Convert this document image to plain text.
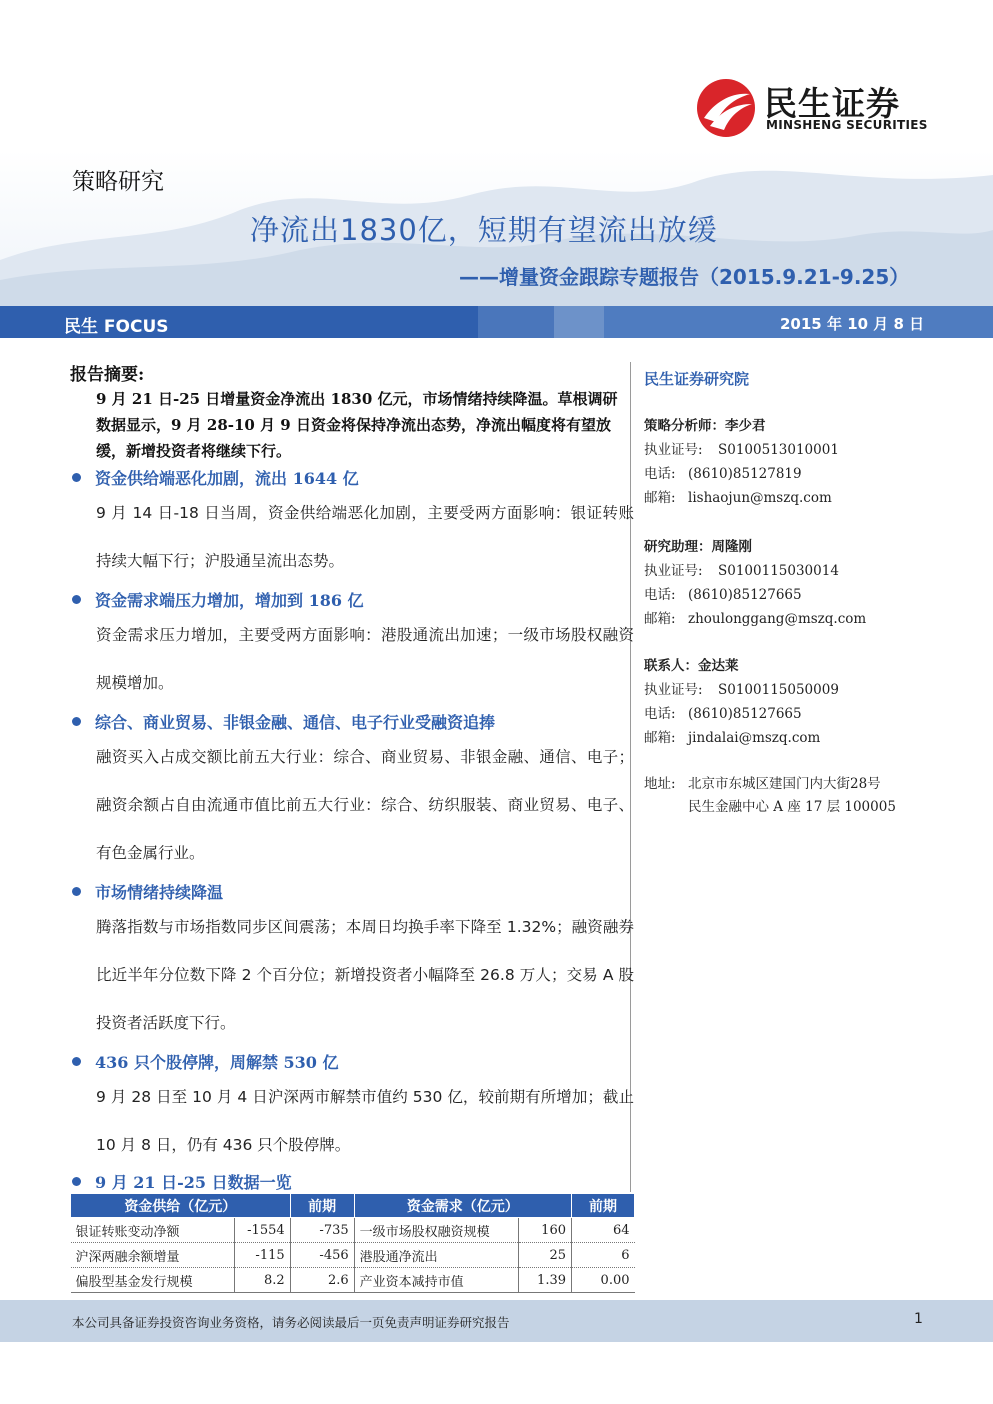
民生证券
MINSHENG SECURITIES
策略研究
净流出1830亿，短期有望流出放缓
——增量资金跟踪专题报告（2015.9.21-9.25）
民生 FOCUS	2015 年 10 月 8 日
报告摘要:
9 月 21 日-25 日增量资金净流出 1830 亿元，市场情绪持续降温。草根调研数据显示，9 月 28-10 月 9 日资金将保持净流出态势，净流出幅度将有望放缓，新增投资者将继续下行。
资金供给端恶化加剧，流出 1644 亿
9 月 14 日-18 日当周，资金供给端恶化加剧，主要受两方面影响：银证转账持续大幅下行；沪股通呈流出态势。
资金需求端压力增加，增加到 186 亿
资金需求压力增加，主要受两方面影响：港股通流出加速；一级市场股权融资规模增加。
综合、商业贸易、非银金融、通信、电子行业受融资追捧
融资买入占成交额比前五大行业：综合、商业贸易、非银金融、通信、电子；融资余额占自由流通市值比前五大行业：综合、纺织服装、商业贸易、电子、有色金属行业。
市场情绪持续降温
腾落指数与市场指数同步区间震荡；本周日均换手率下降至 1.32%；融资融券比近半年分位数下降 2 个百分位；新增投资者小幅降至 26.8 万人；交易 A 股投资者活跃度下行。
436 只个股停牌，周解禁 530 亿
9 月 28 日至 10 月 4 日沪深两市解禁市值约 530 亿，较前期有所增加；截止 10 月 8 日，仍有 436 只个股停牌。
9 月 21 日-25 日数据一览
资金供给（亿元）		前期	资金需求（亿元）		前期
银证转账变动净额	-1554	-735	一级市场股权融资规模	160	64
沪深两融余额增量	-115	-456	港股通净流出	25	6
偏股型基金发行规模	8.2	2.6	产业资本减持市值	1.39	0.00
民生证券研究院
策略分析师：李少君
执业证号: S0100513010001
电话: (8610)85127819
邮箱: lishaojun@mszq.com
研究助理：周隆刚
执业证号: S0100115030014
电话: (8610)85127665
邮箱: zhoulonggang@mszq.com
联系人：金达莱
执业证号: S0100115050009
电话: (8610)85127665
邮箱: jindalai@mszq.com
地址: 北京市东城区建国门内大街28号
民生金融中心 A 座 17 层 100005
本公司具备证券投资咨询业务资格，请务必阅读最后一页免责声明证券研究报告	1
